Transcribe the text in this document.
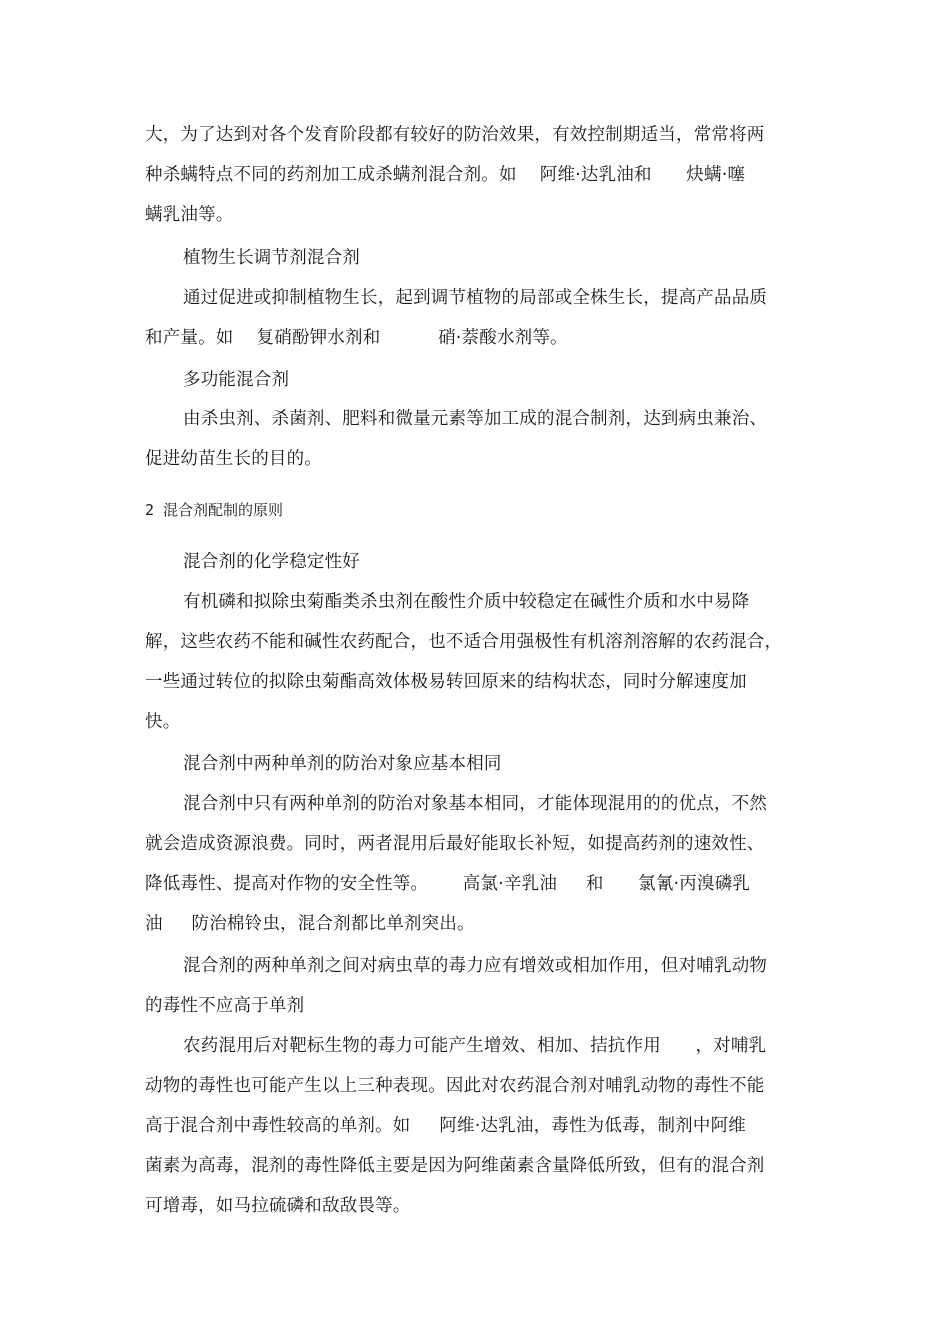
大，为了达到对各个发育阶段都有较好的防治效果，有效控制期适当，常常将两
种杀螨特点不同的药剂加工成杀螨剂混合剂。如    阿维·达乳油和      炔螨·噻
螨乳油等。
植物生长调节剂混合剂
通过促进或抑制植物生长，起到调节植物的局部或全株生长，提高产品品质
和产量。如    复硝酚钾水剂和          硝·萘酸水剂等。
多功能混合剂
由杀虫剂、杀菌剂、肥料和微量元素等加工成的混合制剂，达到病虫兼治、
促进幼苗生长的目的。
2 混合剂配制的原则
混合剂的化学稳定性好
有机磷和拟除虫菊酯类杀虫剂在酸性介质中较稳定在碱性介质和水中易降
解，这些农药不能和碱性农药配合，也不适合用强极性有机溶剂溶解的农药混合，
一些通过转位的拟除虫菊酯高效体极易转回原来的结构状态，同时分解速度加
快。
混合剂中两种单剂的防治对象应基本相同
混合剂中只有两种单剂的防治对象基本相同，才能体现混用的的优点，不然
就会造成资源浪费。同时，两者混用后最好能取长补短，如提高药剂的速效性、
降低毒性、提高对作物的安全性等。      高氯·辛乳油     和      氯氰·丙溴磷乳
油     防治棉铃虫，混合剂都比单剂突出。
混合剂的两种单剂之间对病虫草的毒力应有增效或相加作用，但对哺乳动物
的毒性不应高于单剂
农药混用后对靶标生物的毒力可能产生增效、相加、拮抗作用      ，对哺乳
动物的毒性也可能产生以上三种表现。因此对农药混合剂对哺乳动物的毒性不能
高于混合剂中毒性较高的单剂。如     阿维·达乳油，毒性为低毒，制剂中阿维
菌素为高毒，混剂的毒性降低主要是因为阿维菌素含量降低所致，但有的混合剂
可增毒，如马拉硫磷和敌敌畏等。
